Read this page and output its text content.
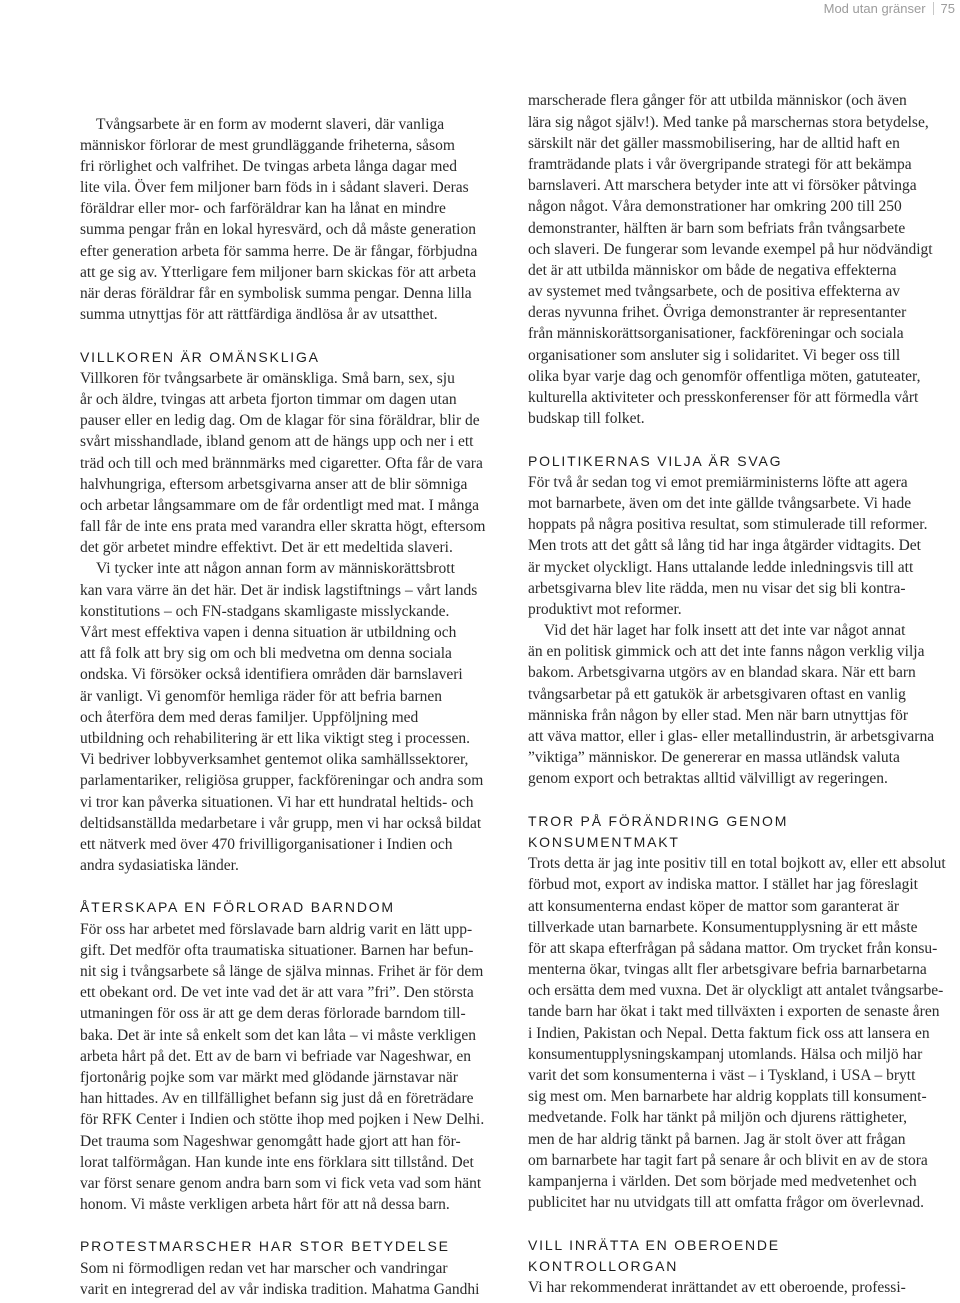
Mod utan gränser 75
Tvångsarbete är en form av modernt slaveri, där vanliga
människor förlorar de mest grundläggande friheterna, såsom
fri rörlighet och valfrihet. De tvingas arbeta långa dagar med
lite vila. Över fem miljoner barn föds in i sådant slaveri. Deras
föräldrar eller mor- och farföräldrar kan ha lånat en mindre
summa pengar från en lokal hyresvärd, och då måste generation
efter generation arbeta för samma herre. De är fångar, förbjudna
att ge sig av. Ytterligare fem miljoner barn skickas för att arbeta
när deras föräldrar får en symbolisk summa pengar. Denna lilla
summa utnyttjas för att rättfärdiga ändlösa år av utsatthet.
VILLKOREN ÄR OMÄNSKLIGA
Villkoren för tvångsarbete är omänskliga. Små barn, sex, sju
år och äldre, tvingas att arbeta fjorton timmar om dagen utan
pauser eller en ledig dag. Om de klagar för sina föräldrar, blir de
svårt misshandlade, ibland genom att de hängs upp och ner i ett
träd och till och med brännmärks med cigaretter. Ofta får de vara
halvhungriga, eftersom arbetsgivarna anser att de blir sömniga
och arbetar långsammare om de får ordentligt med mat. I många
fall får de inte ens prata med varandra eller skratta högt, eftersom
det gör arbetet mindre effektivt. Det är ett medeltida slaveri.
Vi tycker inte att någon annan form av människorättsbrott
kan vara värre än det här. Det är indisk lagstiftnings – vårt lands
konstitutions – och FN-stadgans skamligaste misslyckande.
Vårt mest effektiva vapen i denna situation är utbildning och
att få folk att bry sig om och bli medvetna om denna sociala
ondska. Vi försöker också identifiera områden där barnslaveri
är vanligt. Vi genomför hemliga räder för att befria barnen
och återföra dem med deras familjer. Uppföljning med
utbildning och rehabilitering är ett lika viktigt steg i processen.
Vi bedriver lobbyverksamhet gentemot olika samhällssektorer,
parlamentariker, religiösa grupper, fackföreningar och andra som
vi tror kan påverka situationen. Vi har ett hundratal heltids- och
deltidsanställda medarbetare i vår grupp, men vi har också bildat
ett nätverk med över 470 frivilligorganisationer i Indien och
andra sydasiatiska länder.
ÅTERSKAPA EN FÖRLORAD BARNDOM
För oss har arbetet med förslavade barn aldrig varit en lätt upp-
gift. Det medför ofta traumatiska situationer. Barnen har befun-
nit sig i tvångsarbete så länge de själva minnas. Frihet är för dem
ett obekant ord. De vet inte vad det är att vara ”fri”. Den största
utmaningen för oss är att ge dem deras förlorade barndom till-
baka. Det är inte så enkelt som det kan låta – vi måste verkligen
arbeta hårt på det. Ett av de barn vi befriade var Nageshwar, en
fjortonårig pojke som var märkt med glödande järnstavar när
han hittades. Av en tillfällighet befann sig just då en företrädare
för RFK Center i Indien och stötte ihop med pojken i New Delhi.
Det trauma som Nageshwar genomgått hade gjort att han för-
lorat talförmågan. Han kunde inte ens förklara sitt tillstånd. Det
var först senare genom andra barn som vi fick veta vad som hänt
honom. Vi måste verkligen arbeta hårt för att nå dessa barn.
PROTESTMARSCHER HAR STOR BETYDELSE
Som ni förmodligen redan vet har marscher och vandringar
varit en integrerad del av vår indiska tradition. Mahatma Gandhi
marscherade flera gånger för att utbilda människor (och även
lära sig något själv!). Med tanke på marschernas stora betydelse,
särskilt när det gäller massmobilisering, har de alltid haft en
framträdande plats i vår övergripande strategi för att bekämpa
barnslaveri. Att marschera betyder inte att vi försöker påtvinga
någon något. Våra demonstrationer har omkring 200 till 250
demonstranter, hälften är barn som befriats från tvångsarbete
och slaveri. De fungerar som levande exempel på hur nödvändigt
det är att utbilda människor om både de negativa effekterna
av systemet med tvångsarbete, och de positiva effekterna av
deras nyvunna frihet. Övriga demonstranter är representanter
från människorättsorganisationer, fackföreningar och sociala
organisationer som ansluter sig i solidaritet. Vi beger oss till
olika byar varje dag och genomför offentliga möten, gatuteater,
kulturella aktiviteter och presskonferenser för att förmedla vårt
budskap till folket.
POLITIKERNAS VILJA ÄR SVAG
För två år sedan tog vi emot premiärministerns löfte att agera
mot barnarbete, även om det inte gällde tvångsarbete. Vi hade
hoppats på några positiva resultat, som stimulerade till reformer.
Men trots att det gått så lång tid har inga åtgärder vidtagits. Det
är mycket olyckligt. Hans uttalande ledde inledningsvis till att
arbetsgivarna blev lite rädda, men nu visar det sig bli kontra-
produktivt mot reformer.
Vid det här laget har folk insett att det inte var något annat
än en politisk gimmick och att det inte fanns någon verklig vilja
bakom. Arbetsgivarna utgörs av en blandad skara. När ett barn
tvångsarbetar på ett gatukök är arbetsgivaren oftast en vanlig
människa från någon by eller stad. Men när barn utnyttjas för
att väva mattor, eller i glas- eller metallindustrin, är arbetsgivarna
”viktiga” människor. De genererar en massa utländsk valuta
genom export och betraktas alltid välvilligt av regeringen.
TROR PÅ FÖRÄNDRING GENOM
KONSUMENTMAKT
Trots detta är jag inte positiv till en total bojkott av, eller ett absolut
förbud mot, export av indiska mattor. I stället har jag föreslagit
att konsumenterna endast köper de mattor som garanterat är
tillverkade utan barnarbete. Konsumentupplysning är ett måste
för att skapa efterfrågan på sådana mattor. Om trycket från konsu-
menterna ökar, tvingas allt fler arbetsgivare befria barnarbetarna
och ersätta dem med vuxna. Det är olyckligt att antalet tvångsarbe-
tande barn har ökat i takt med tillväxten i exporten de senaste åren
i Indien, Pakistan och Nepal. Detta faktum fick oss att lansera en
konsumentupplysningskampanj utomlands. Hälsa och miljö har
varit det som konsumenterna i väst – i Tyskland, i USA – brytt
sig mest om. Men barnarbete har aldrig kopplats till konsument-
medvetande. Folk har tänkt på miljön och djurens rättigheter,
men de har aldrig tänkt på barnen. Jag är stolt över att frågan
om barnarbete har tagit fart på senare år och blivit en av de stora
kampanjerna i världen. Det som började med medvetenhet och
publicitet har nu utvidgats till att omfatta frågor om överlevnad.
VILL INRÄTTA EN OBEROENDE
KONTROLLORGAN
Vi har rekommenderat inrättandet av ett oberoende, professi-
